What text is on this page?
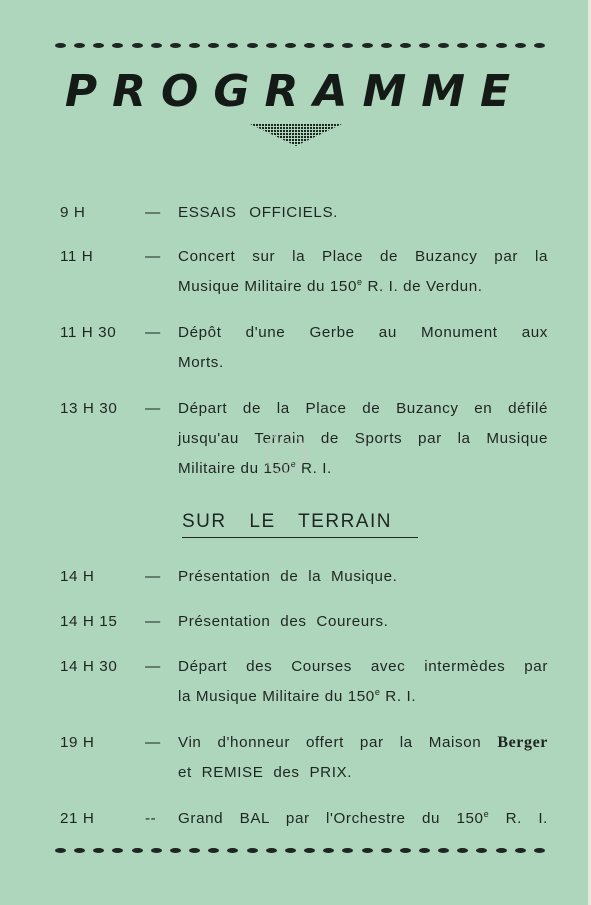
PROGRAMME
9 H	—	ESSAIS OFFICIELS.
11 H	—	Concert sur la Place de Buzancy par la
Musique Militaire du 150e R. I. de Verdun.
11 H 30	—	Dépôt d'une Gerbe au Monument aux
Morts.
13 H 30	—	Départ de la Place de Buzancy en défilé
jusqu'au Terrain de Sports par la Musique
Militaire du 150e R. I.
SUR LE TERRAIN
14 H	—	Présentation de la Musique.
14 H 15	—	Présentation des Coureurs.
14 H 30	—	Départ des Courses avec intermèdes par
la Musique Militaire du 150e R. I.
19 H	—	Vin d'honneur offert par la Maison Berger
et REMISE des PRIX.
21 H	--	Grand BAL par l'Orchestre du 150e R. I.
